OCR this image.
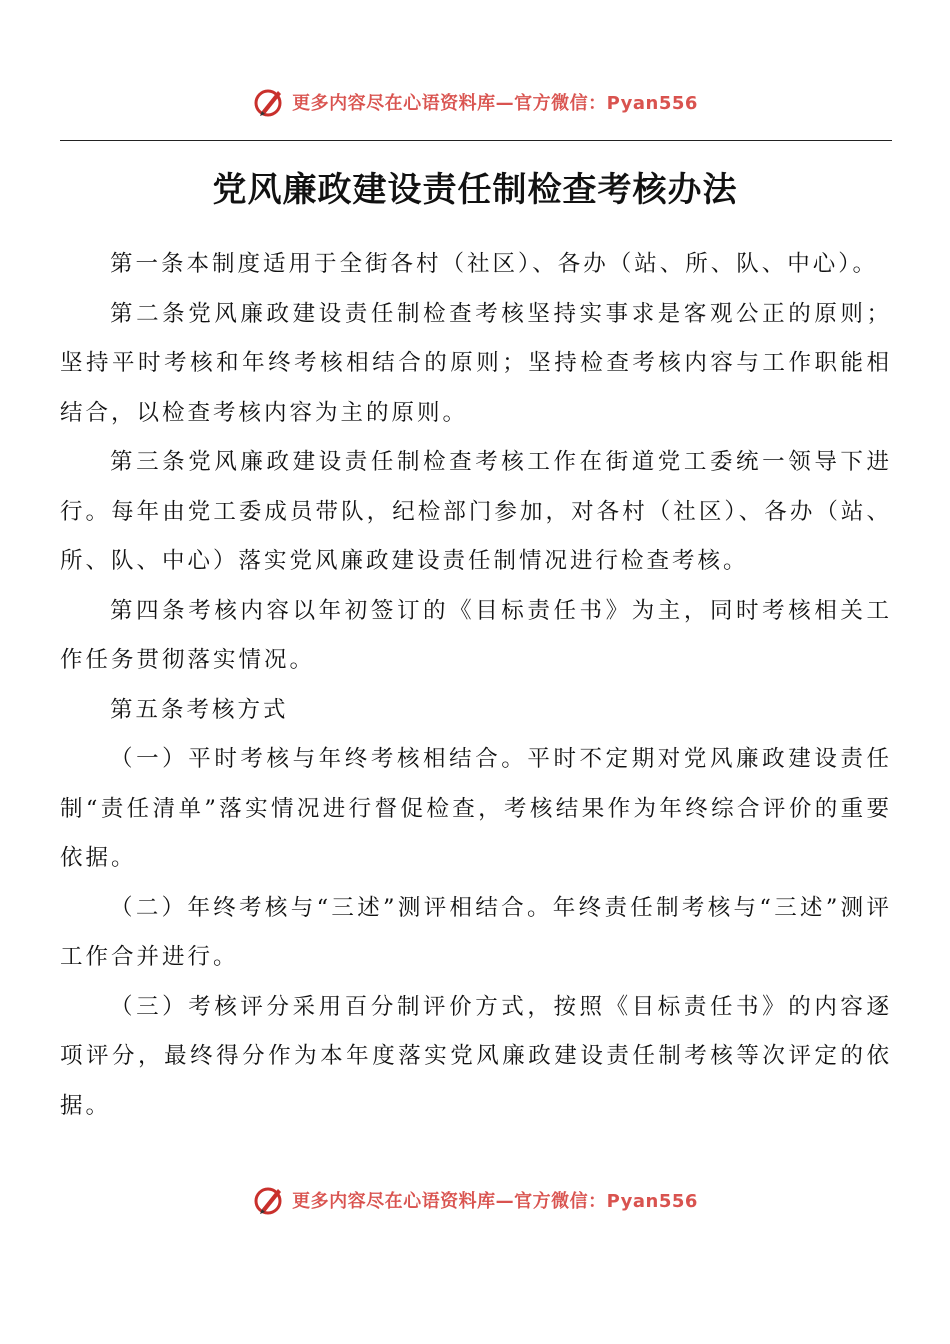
更多内容尽在心语资料库—官方微信：Pyan556
党风廉政建设责任制检查考核办法

第一条本制度适用于全街各村（社区）、各办（站、所、队、中心）。

第二条党风廉政建设责任制检查考核坚持实事求是客观公正的原则；坚持平时考核和年终考核相结合的原则；坚持检查考核内容与工作职能相结合，以检查考核内容为主的原则。

第三条党风廉政建设责任制检查考核工作在街道党工委统一领导下进行。每年由党工委成员带队，纪检部门参加，对各村（社区）、各办（站、所、队、中心）落实党风廉政建设责任制情况进行检查考核。

第四条考核内容以年初签订的《目标责任书》为主，同时考核相关工作任务贯彻落实情况。

第五条考核方式

（一）平时考核与年终考核相结合。平时不定期对党风廉政建设责任制“责任清单”落实情况进行督促检查，考核结果作为年终综合评价的重要依据。

（二）年终考核与“三述”测评相结合。年终责任制考核与“三述”测评工作合并进行。

（三）考核评分采用百分制评价方式，按照《目标责任书》的内容逐项评分，最终得分作为本年度落实党风廉政建设责任制考核等次评定的依据。

更多内容尽在心语资料库—官方微信：Pyan556
